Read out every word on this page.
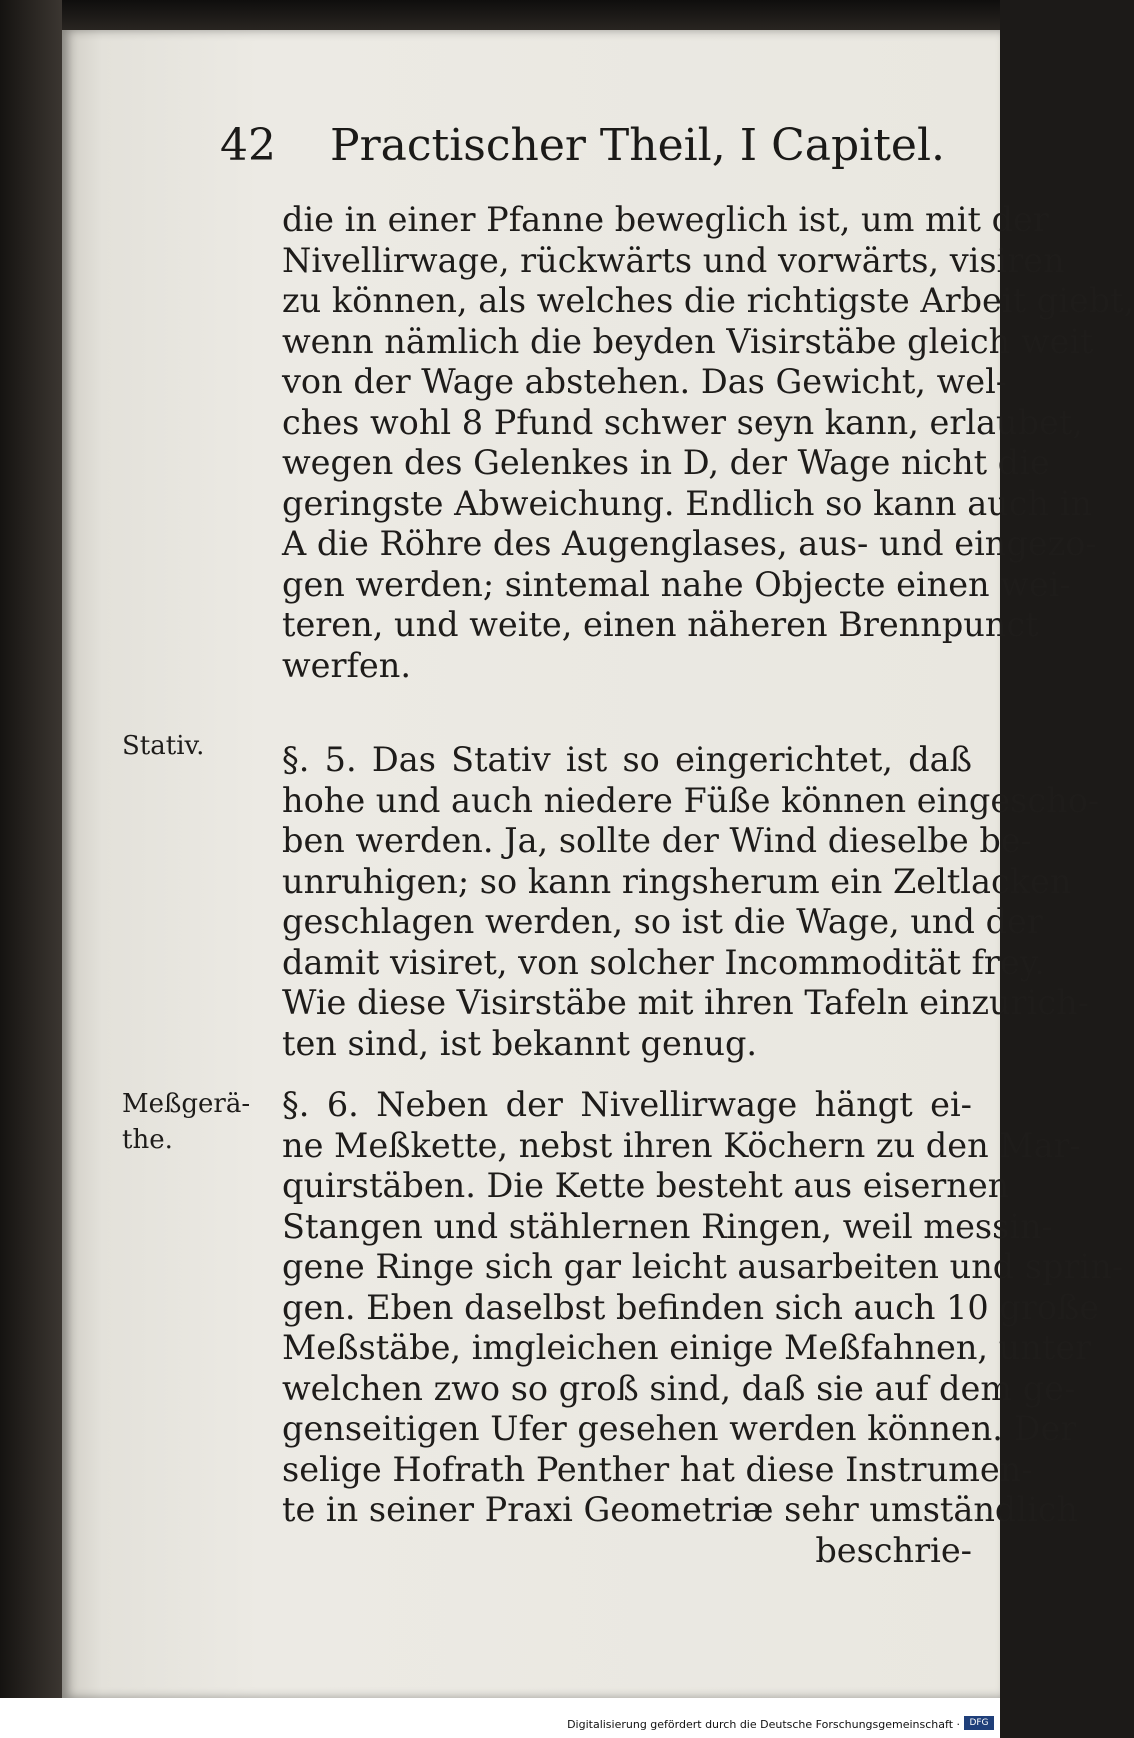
42 Practischer Theil, I Capitel.
die in einer Pfanne beweglich ist, um mit der
Nivellirwage, rückwärts und vorwärts, visiren
zu können, als welches die richtigste Arbeit giebt,
wenn nämlich die beyden Visirstäbe gleich weit
von der Wage abstehen. Das Gewicht, wel-
ches wohl 8 Pfund schwer seyn kann, erlaubet,
wegen des Gelenkes in D, der Wage nicht die
geringste Abweichung. Endlich so kann auch in
A die Röhre des Augenglases, aus- und eingezo-
gen werden; sintemal nahe Objecte einen wei-
teren, und weite, einen näheren Brennpunct
werfen.
Stativ. §. 5. Das Stativ ist so eingerichtet, daß
hohe und auch niedere Füße können eingescho-
ben werden. Ja, sollte der Wind dieselbe be-
unruhigen; so kann ringsherum ein Zeltlacken
geschlagen werden, so ist die Wage, und der
damit visiret, von solcher Incommodität frey.
Wie diese Visirstäbe mit ihren Tafeln einzurich-
ten sind, ist bekannt genug.
Meßgerä-
the.
§. 6. Neben der Nivellirwage hängt ei-
ne Meßkette, nebst ihren Köchern zu den Mar-
quirstäben. Die Kette besteht aus eisernen
Stangen und stählernen Ringen, weil messin-
gene Ringe sich gar leicht ausarbeiten und sprin-
gen. Eben daselbst befinden sich auch 10 große
Meßstäbe, imgleichen einige Meßfahnen, unter
welchen zwo so groß sind, daß sie auf dem ge-
genseitigen Ufer gesehen werden können. Der
selige Hofrath Penther hat diese Instrumen-
te in seiner Praxi Geometriæ sehr umständlich
beschrie-
Digitalisierung gefördert durch die Deutsche Forschungsgemeinschaft ·	DFG
